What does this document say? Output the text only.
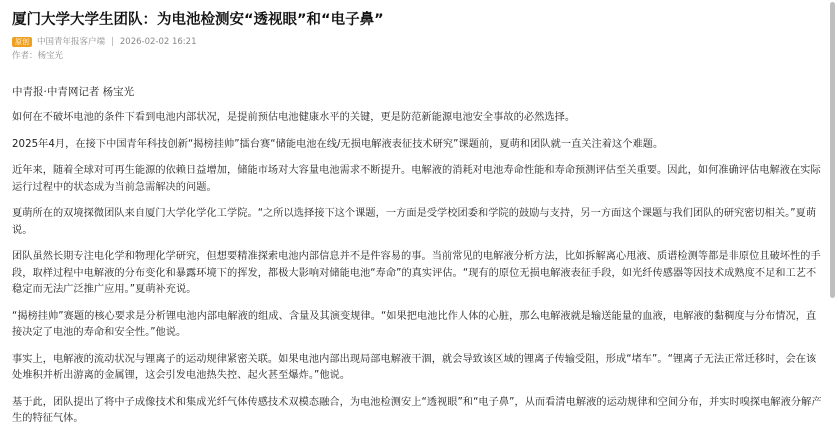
厦门大学大学生团队：为电池检测安“透视眼”和“电子鼻”
原创 中国青年报客户端 | 2026-02-02 16:21
作者：杨宝光

中青报·中青网记者 杨宝光

如何在不破坏电池的条件下看到电池内部状况，是提前预估电池健康水平的关键，更是防范新能源电池安全事故的必然选择。

2025年4月，在接下中国青年科技创新“揭榜挂帅”擂台赛“储能电池在线/无损电解液表征技术研究”课题前，夏萌和团队就一直关注着这个难题。

近年来，随着全球对可再生能源的依赖日益增加，储能市场对大容量电池需求不断提升。电解液的消耗对电池寿命性能和寿命预测评估至关重要。因此，如何准确评估电解液在实际运行过程中的状态成为当前急需解决的问题。

夏萌所在的双境探微团队来自厦门大学化学化工学院。“之所以选择接下这个课题，一方面是受学校团委和学院的鼓励与支持，另一方面这个课题与我们团队的研究密切相关。”夏萌说。

团队虽然长期专注电化学和物理化学研究，但想要精准探索电池内部信息并不是件容易的事。当前常见的电解液分析方法，比如拆解离心甩液、质谱检测等都是非原位且破坏性的手段，取样过程中电解液的分布变化和暴露环境下的挥发，都极大影响对储能电池“寿命”的真实评估。“现有的原位无损电解液表征手段，如光纤传感器等因技术成熟度不足和工艺不稳定而无法广泛推广应用。”夏萌补充说。

“揭榜挂帅”赛题的核心要求是分析锂电池内部电解液的组成、含量及其演变规律。“如果把电池比作人体的心脏，那么电解液就是输送能量的血液，电解液的黏稠度与分布情况，直接决定了电池的寿命和安全性。”他说。

事实上，电解液的流动状况与锂离子的运动规律紧密关联。如果电池内部出现局部电解液干涸，就会导致该区域的锂离子传输受阻，形成“堵车”。“锂离子无法正常迁移时，会在该处堆积并析出游离的金属锂，这会引发电池热失控、起火甚至爆炸。”他说。

基于此，团队提出了将中子成像技术和集成光纤气体传感技术双模态融合，为电池检测安上“透视眼”和“电子鼻”，从而看清电解液的运动规律和空间分布，并实时嗅探电解液分解产生的特征气体。
